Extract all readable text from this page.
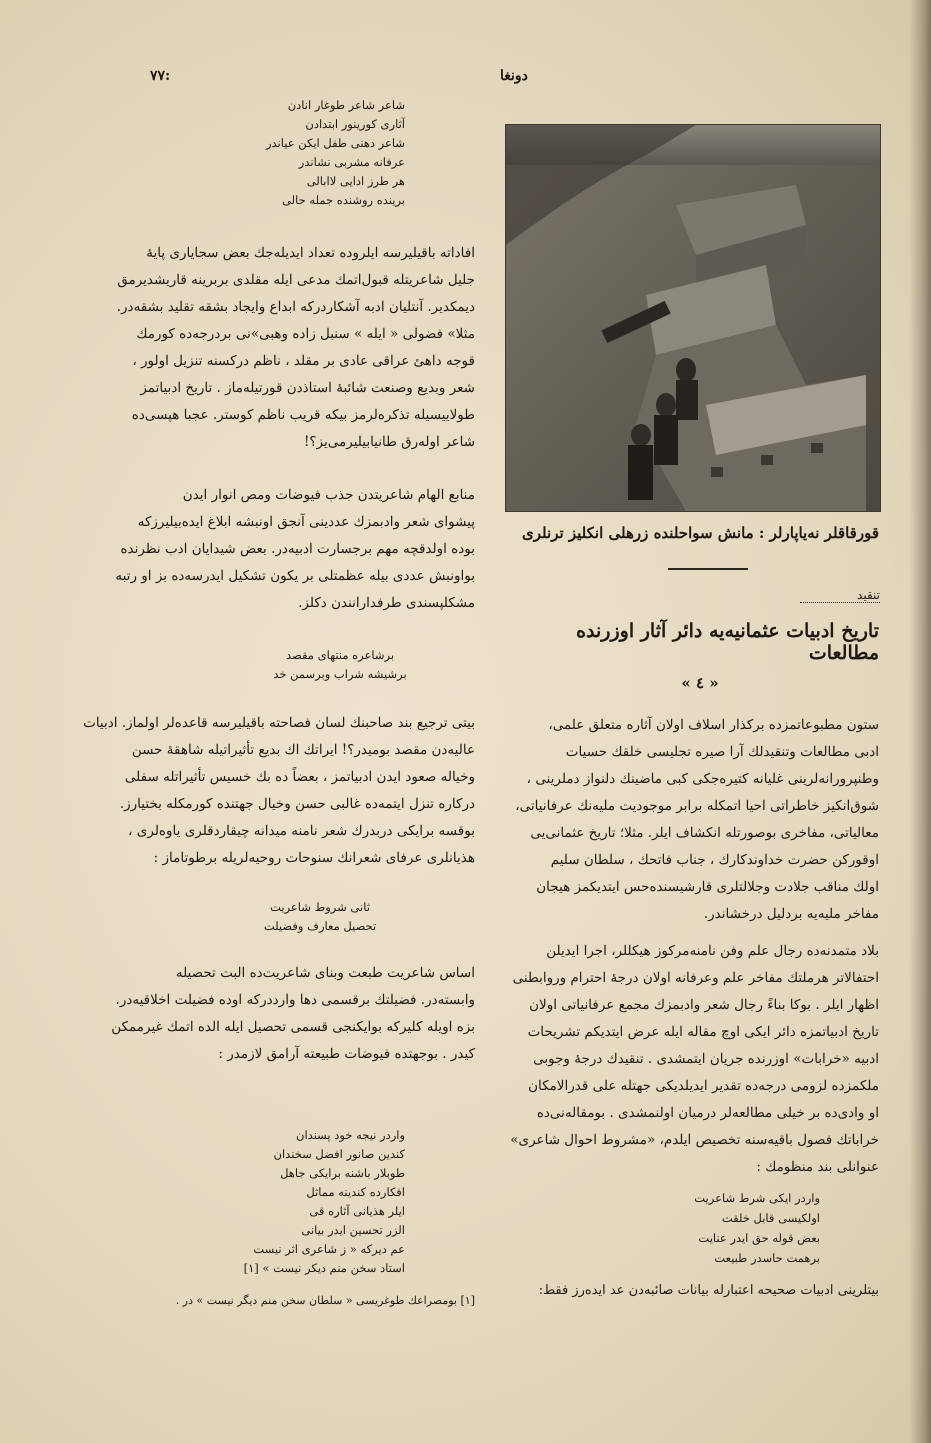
۷۷:	دونغا
شاعر شاعر طوغار انادن
آثاری کورینور ابتدادن
شاعر دهنی طفل ایکن عیاندر
عرفانه مشربی نشاندر
هر طرز ادایی لاابالی
برینده روشنده جمله حالی
افاداته باقیلیرسه ایلروده تعداد ایدیله‌جك بعض سجایاری پایهٔ
جلیل شاعریتله قبول‌اتمك مدعی ایله مقلدی بربرینه قاریشدیرمق
دیمکدیر. آنتلیان ادبه آشکاردرکه ابداع وایجاد بشقه تقلید بشقه‌در.
مثلا» فضولی « ایله » سنبل زاده وهبی»نی بردرجه‌ده کورمك
قوجه داهئ عراقی عادی بر مقلد ، ناظم درکسنه تنزیل اولور ،
شعر وبدیع وصنعت شائبهٔ استاذدن قورتیله‌ماز . تاریخ ادبیاتمز
طولاییسیله تذکره‌لرمز بیکه قریب ناظم کوستر. عجبا هپسی‌ده
شاعر اوله‌رق طانیابیلیرمی‌یز؟!
منابع الهام شاعریتدن جذب فیوضات ومص انوار ایدن
پیشوای شعر وادبمزك عددینی آنجق اونبشه ابلاغ ایده‌بیلیرزکه
بوده اولدقچه مهم برجسارت ادبیه‌در. بعض شیدایان ادب نظرنده
بواونبش عددی بیله عظمتلی بر یکون تشکیل ایدرسه‌ده بز او رتبه
مشکلپسندی طرفدارانندن دکلز.
برشاعره منتهای مقصد
برشیشه شراب وبرسمن خد
بیتی ترجیع بند صاحبنك لسان فصاحته باقیلیرسه قاعده‌لر اولماز. ادبیات
عالیه‌دن مقصد بومیدر؟! ایراتك اك بدیع تأثیراتیله شاهقهٔ حسن
وخیاله صعود ایدن ادبیاتمز ، بعضاً ده بك خسیس تأثیراتله سفلی
درکاره تنزل ایتمه‌ده غالبی حسن وخیال جهتنده کورمکله بختیارز.
بوقسه برایکی دربدرك شعر نامنه میدانه چیقاردقلری یاوه‌لری ،
هذیانلری عرفای شعرانك سنوحات روحیه‌لریله برطوتاماز :
ثانی شروط شاعریت
تحصیل معارف وفضیلت
اساس شاعریت طبعت وبنای شاعریت‌ده البت تحصیله
وابسته‌در. فضیلتك برقسمی دها وارددرکه اوده فضیلت اخلاقیه‌در.
بزه اویله کلیرکه بوایکنجی قسمی تحصیل ایله الده اتمك غیرممکن
کیدر . بوجهتده فیوضات طبیعته آرامق لازمدر :
واردر نیجه خود پسندان
کندین صانور افضل سخندان
طوبلار باشنه برایکی جاهل
افکارده کندینه مماثل
ایلر هذیانی آثاره قی
الزر تحسین ایدر بیانی
عم دیرکه « ز شاعری اثر نیست
استاد سخن منم دیکر نیست » [۱]
[۱] بومصراعك طوغریسی « سلطان سخن منم دیگر نیست » در .
قورقاقلر نه‌یاپارلر : مانش سواحلنده زرهلی انکلیز ترنلری
تنقید
تاریخ ادبیات عثمانیه‌یه دائر آثار اوزرنده مطالعات
« ٤ »
ستون مطبوعاتمزده برکذار اسلاف اولان آثاره متعلق علمی،
ادبی مطالعات وتنقیدلك آرا صیره تجلیسی خلقك حسیات
وطنپرورانه‌لرینی غلیانه کتیره‌جکی کبی ماضینك دلنواز دملرینی ،
شوق‌انکیز خاطراتی احیا اتمکله برابر موجودیت ملیه‌نك عرفانیاتی،
معالیاتی، مفاخری بوصورتله انکشاف ایلر. مثلا؛ تاریخ عثمانی‌یی
اوقورکن حضرت خداوندکارك ، جناب فاتحك ، سلطان سلیم
اولك مناقب جلادت وجلالتلری قارشیسنده‌حس ایتدیکمز هیجان
مفاخر ملیه‌یه بردلیل درخشاندر.
بلاد متمدنه‌ده رجال علم وفن نامنه‌مرکوز هیکللر، اجرا ایدیلن
احتفالاتر هرملتك مفاخر علم وعرفانه اولان درجهٔ احترام وروابطنی
اظهار ایلر . بوکا بناءً رجال شعر وادبمزك مجمع عرفانیاتی اولان
تاریخ ادبیاتمزه دائر ایکی اوچ مقاله ایله عرض ایتدیکم تشریحات
ادبیه «خرابات» اوزرنده جریان ایتمشدی . تنقیدك درجهٔ وجوبی
ملکمزده لزومی درجه‌ده تقدیر ایدیلدیکی جهتله علی قدرالامکان
او وادی‌ده بر خیلی مطالعه‌لر درمیان اولنمشدی . بومقاله‌نی‌ده
خراباتك فصول باقیه‌سنه تخصیص ایلدم، «مشروط احوال شاعری»
عنوانلی بند منظومك :
واردر ایکی شرط شاعریت
اولکیسی قابل خلقت
بعض قوله حق ایدر عنایت
برهمت حاسدر طبیعت
بیتلرینی ادبیات صحیحه اعتبارله بیانات صائبه‌دن عد ایده‌رز فقط:
